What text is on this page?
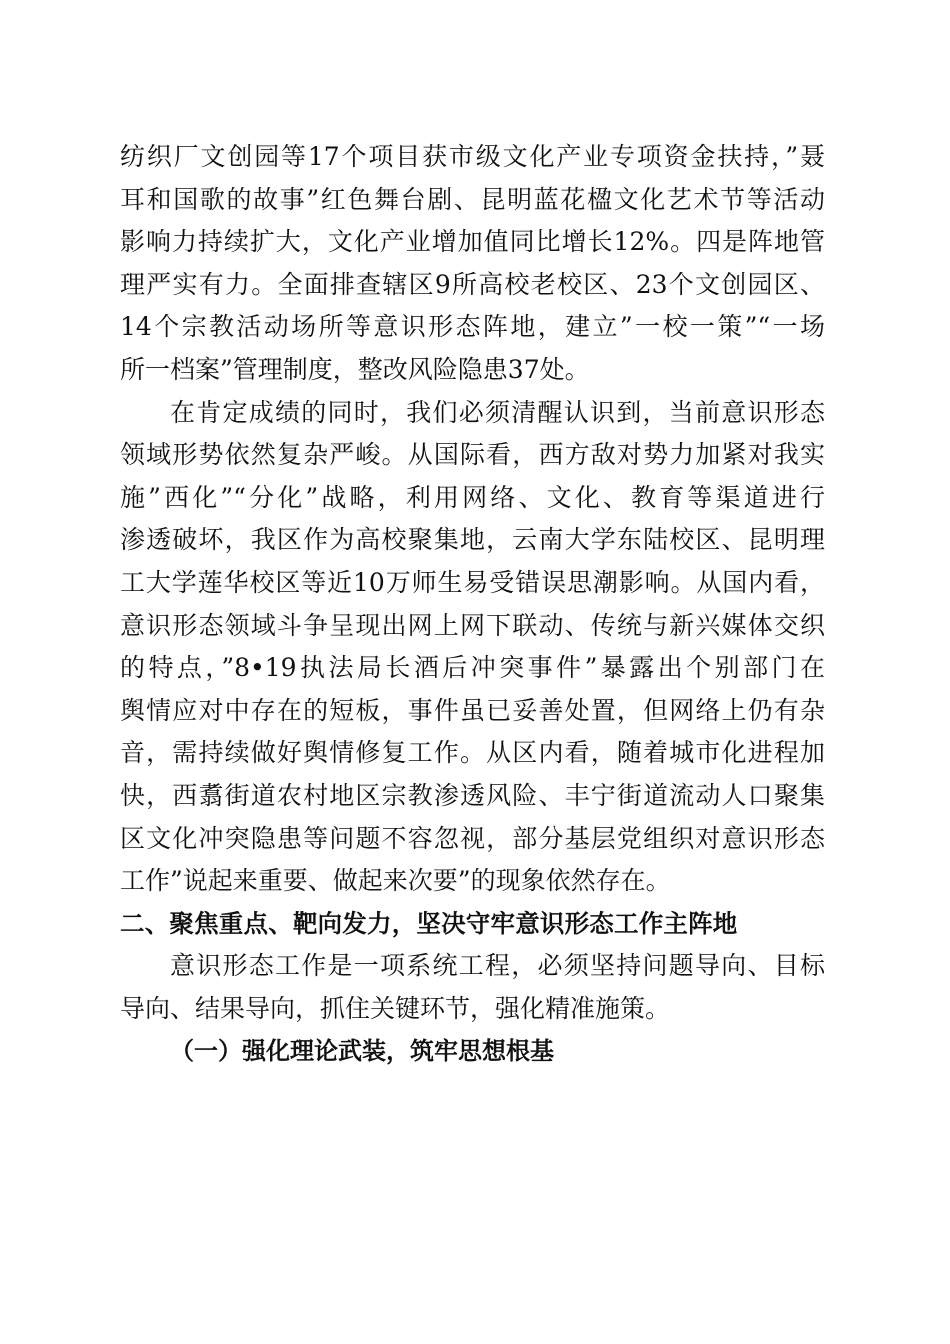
纺织厂文创园等17个项目获市级文化产业专项资金扶持，”聂
耳和国歌的故事”红色舞台剧、昆明蓝花楹文化艺术节等活动
影响力持续扩大，文化产业增加值同比增长12%。四是阵地管
理严实有力。全面排查辖区9所高校老校区、23个文创园区、
14个宗教活动场所等意识形态阵地，建立”一校一策”“一场
所一档案”管理制度，整改风险隐患37处。
在肯定成绩的同时，我们必须清醒认识到，当前意识形态
领域形势依然复杂严峻。从国际看，西方敌对势力加紧对我实
施”西化”“分化”战略，利用网络、文化、教育等渠道进行
渗透破坏，我区作为高校聚集地，云南大学东陆校区、昆明理
工大学莲华校区等近10万师生易受错误思潮影响。从国内看，
意识形态领域斗争呈现出网上网下联动、传统与新兴媒体交织
的特点，”8•19执法局长酒后冲突事件”暴露出个别部门在
舆情应对中存在的短板，事件虽已妥善处置，但网络上仍有杂
音，需持续做好舆情修复工作。从区内看，随着城市化进程加
快，西翥街道农村地区宗教渗透风险、丰宁街道流动人口聚集
区文化冲突隐患等问题不容忽视，部分基层党组织对意识形态
工作”说起来重要、做起来次要”的现象依然存在。
二、聚焦重点、靶向发力，坚决守牢意识形态工作主阵地
意识形态工作是一项系统工程，必须坚持问题导向、目标
导向、结果导向，抓住关键环节，强化精准施策。
（一）强化理论武装，筑牢思想根基
